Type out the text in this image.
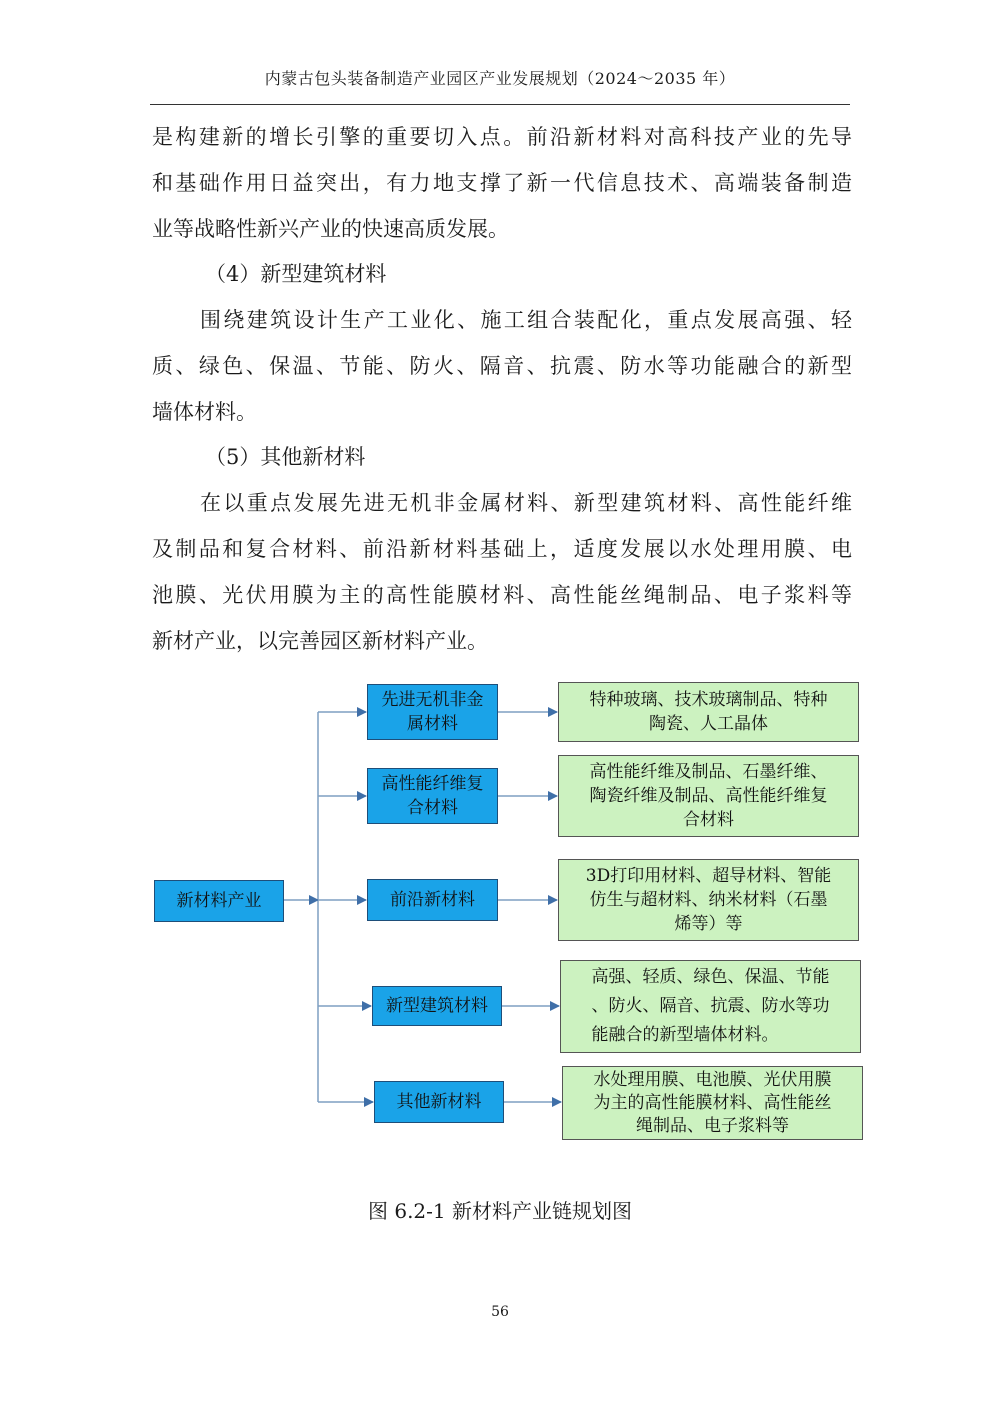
内蒙古包头装备制造产业园区产业发展规划（2024～2035 年）
是构建新的增长引擎的重要切入点。前沿新材料对高科技产业的先导
和基础作用日益突出，有力地支撑了新一代信息技术、高端装备制造
业等战略性新兴产业的快速高质发展。
（4）新型建筑材料
围绕建筑设计生产工业化、施工组合装配化，重点发展高强、轻
质、绿色、保温、节能、防火、隔音、抗震、防水等功能融合的新型
墙体材料。
（5）其他新材料
在以重点发展先进无机非金属材料、新型建筑材料、高性能纤维
及制品和复合材料、前沿新材料基础上，适度发展以水处理用膜、电
池膜、光伏用膜为主的高性能膜材料、高性能丝绳制品、电子浆料等
新材产业，以完善园区新材料产业。
新材料产业
先进无机非金
属材料
高性能纤维复
合材料
前沿新材料
新型建筑材料
其他新材料
特种玻璃、技术玻璃制品、特种
陶瓷、人工晶体
高性能纤维及制品、石墨纤维、
陶瓷纤维及制品、高性能纤维复
合材料
3D打印用材料、超导材料、智能
仿生与超材料、纳米材料（石墨
烯等）等
高强、轻质、绿色、保温、节能
、防火、隔音、抗震、防水等功
能融合的新型墙体材料。
水处理用膜、电池膜、光伏用膜
为主的高性能膜材料、高性能丝
绳制品、电子浆料等
图 6.2-1 新材料产业链规划图
56
